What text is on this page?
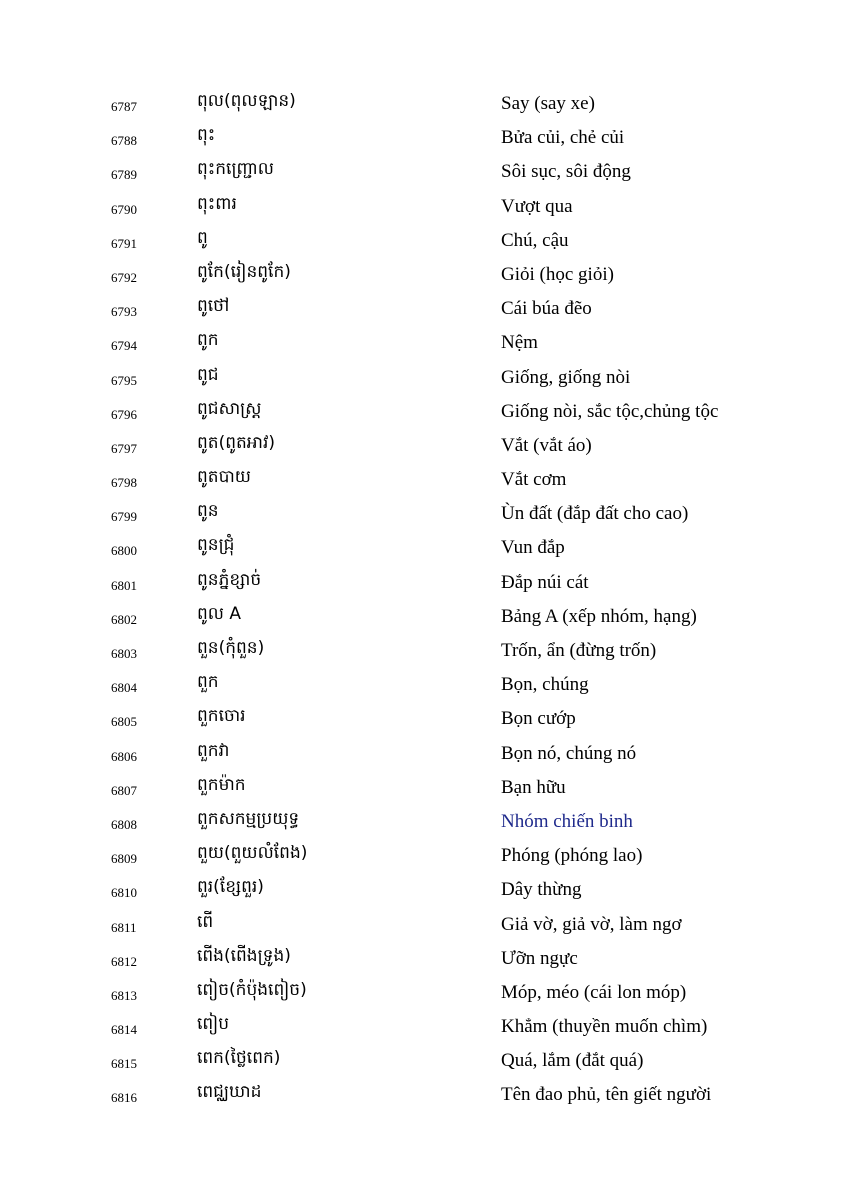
6787	ពុល(ពុលឡាន)	Say (say xe)
6788	ពុះ	Bửa củi, chẻ củi
6789	ពុះកញ្ជ្រោល	Sôi sục, sôi động
6790	ពុះពារ	Vượt qua
6791	ពូ	Chú, cậu
6792	ពូកែ(រៀនពូកែ)	Giỏi (học giỏi)
6793	ពូថៅ	Cái búa đẽo
6794	ពូក	Nệm
6795	ពូជ	Giống, giống nòi
6796	ពូជសាស្ត្រ	Giống nòi, sắc tộc,chủng tộc
6797	ពូត(ពូតអាវ)	Vắt (vắt áo)
6798	ពូតបាយ	Vắt cơm
6799	ពូន	Ùn đất (đắp đất cho cao)
6800	ពូនជ្រុំ	Vun đắp
6801	ពូនភ្នំខ្សាច់	Đắp núi cát
6802	ពូល A	Bảng A (xếp nhóm, hạng)
6803	ពួន(កុំពួន)	Trốn, ẩn (đừng trốn)
6804	ពួក	Bọn, chúng
6805	ពួកចោរ	Bọn cướp
6806	ពួកវា	Bọn nó, chúng nó
6807	ពួកម៉ាក	Bạn hữu
6808	ពួកសកម្មប្រយុទ្ធ	Nhóm chiến binh
6809	ពួយ(ពួយលំពែង)	Phóng (phóng lao)
6810	ពួរ(ខ្សែពួរ)	Dây thừng
6811	ពើ	Giả vờ, giả vờ, làm ngơ
6812	ពើង(ពើងទ្រូង)	Ưỡn ngực
6813	ពៀច(កំប៉ុងពៀច)	Móp, méo (cái lon móp)
6814	ពៀប	Khẳm (thuyền muốn chìm)
6815	ពេក(ថ្លៃពេក)	Quá, lắm (đắt quá)
6816	ពេជ្ឈឃាដ	Tên đao phủ, tên giết người
